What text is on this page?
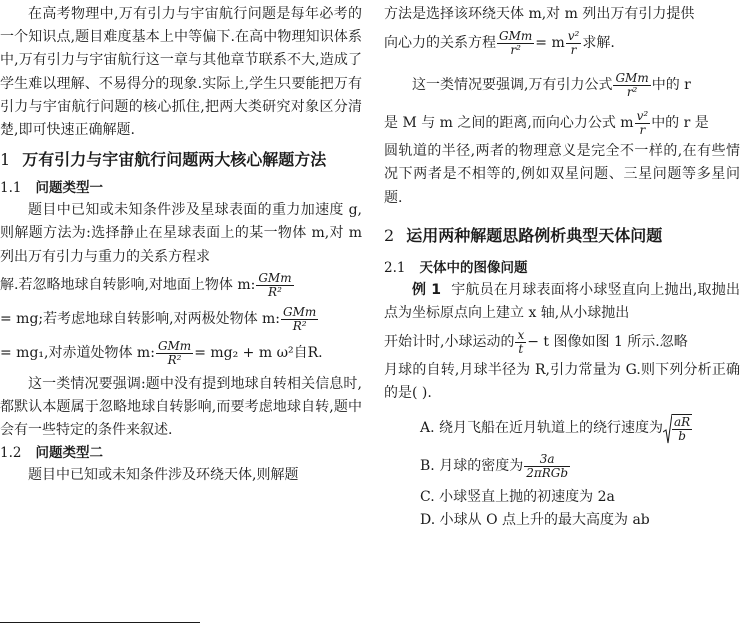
在高考物理中,万有引力与宇宙航行问题是每年必考的一个知识点,题目难度基本上中等偏下.在高中物理知识体系中,万有引力与宇宙航行这一章与其他章节联系不大,造成了学生难以理解、不易得分的现象.实际上,学生只要能把万有引力与宇宙航行问题的核心抓住,把两大类研究对象区分清楚,即可快速正确解题.

1 万有引力与宇宙航行问题两大核心解题方法

1.1 问题类型一

题目中已知或未知条件涉及星球表面的重力加速度 g,则解题方法为:选择静止在星球表面上的某一物体 m,对 m 列出万有引力与重力的关系方程求

解.若忽略地球自转影响,对地面上物体 m: $\frac{\text{GMm}}{\text{R²}}$
= mg;若考虑地球自转影响,对两极处物体 m: $\frac{\text{GMm}}{\text{R²}}$
= mg₁,对赤道处物体 m: $\frac{\text{GMm}}{\text{R²}} = mg_2 + m$ ω²自R.

这一类情况要强调:题中没有提到地球自转相关信息时,都默认本题属于忽略地球自转影响,而要考虑地球自转,题中会有一些特定的条件来叙述.

1.2 问题类型二

题目中已知或未知条件涉及环绕天体,则解题

方法是选择该环绕天体 m,对 m 列出万有引力提供

向心力的关系方程 $\frac{\text{GMm}}{\text{r²}} = m \frac{\text{v²}}{r}$ 求解.
这一类情况要强调,万有引力公式 $\frac{\text{GMm}}{\text{r²}}$ 中的 r
是 M 与 m 之间的距离,而向心力公式 m $\frac{\text{v²}}{r}$ 中的 r 是

圆轨道的半径,两者的物理意义是完全不一样的,在有些情况下两者是不相等的,例如双星问题、三星问题等多星问题.

2 运用两种解题思路例析典型天体问题

2.1 天体中的图像问题

例 1 宇航员在月球表面将小球竖直向上抛出,取抛出点为坐标原点向上建立 x 轴,从小球抛出

开始计时,小球运动的 $\frac{x}{t} - t$ 图像如图 1 所示.忽略

月球的自转,月球半径为 R,引力常量为 G.则下列分析正确的是( ).

A. 绕月飞船在近月轨道上的绕行速度为 $\frac{aR}{b}$
B. 月球的密度为 $\frac{3a}{\text{2πRGb}}$

C. 小球竖直上抛的初速度为 2a

D. 小球从 O 点上升的最大高度为 ab
